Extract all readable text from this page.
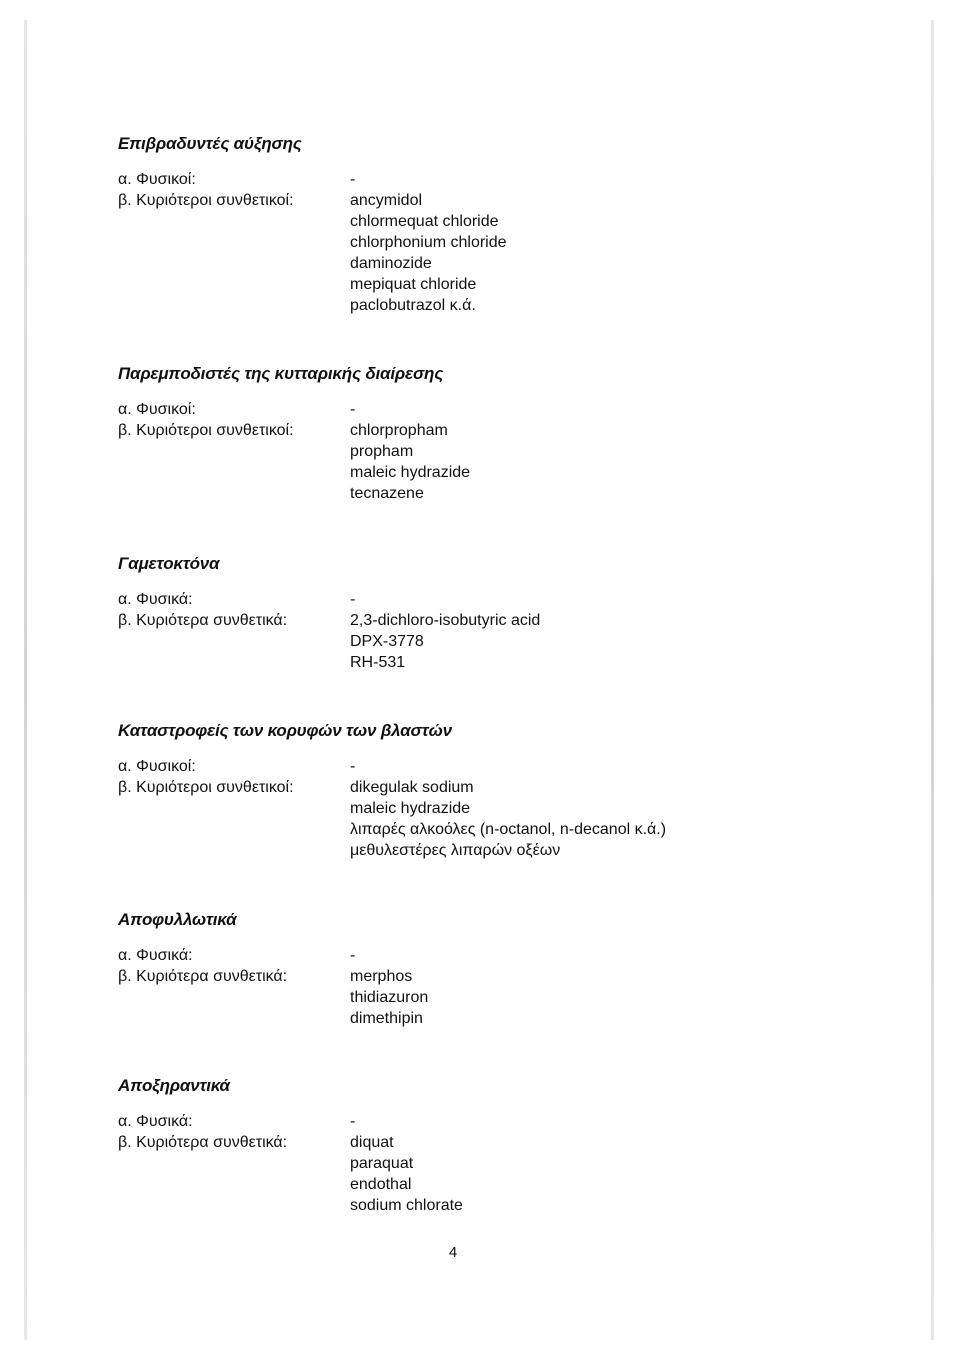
Επιβραδυντές αύξησης
α. Φυσικοί:	-
β. Κυριότεροι συνθετικοί:	ancymidol
chlormequat chloride
chlorphonium chloride
daminozide
mepiquat chloride
paclobutrazol κ.ά.
Παρεμποδιστές της κυτταρικής διαίρεσης
α. Φυσικοί:	-
β. Κυριότεροι συνθετικοί:	chlorpropham
propham
maleic hydrazide
tecnazene
Γαμετοκτόνα
α. Φυσικά:	-
β. Κυριότερα συνθετικά:	2,3-dichloro-isobutyric acid
DPX-3778
RH-531
Καταστροφείς των κορυφών των βλαστών
α. Φυσικοί:	-
β. Κυριότεροι συνθετικοί:	dikegulak sodium
maleic hydrazide
λιπαρές αλκοόλες (n-octanol, n-decanol κ.ά.)
μεθυλεστέρες λιπαρών οξέων
Αποφυλλωτικά
α. Φυσικά:	-
β. Κυριότερα συνθετικά:	merphos
thidiazuron
dimethipin
Αποξηραντικά
α. Φυσικά:	-
β. Κυριότερα συνθετικά:	diquat
paraquat
endothal
sodium chlorate
4
